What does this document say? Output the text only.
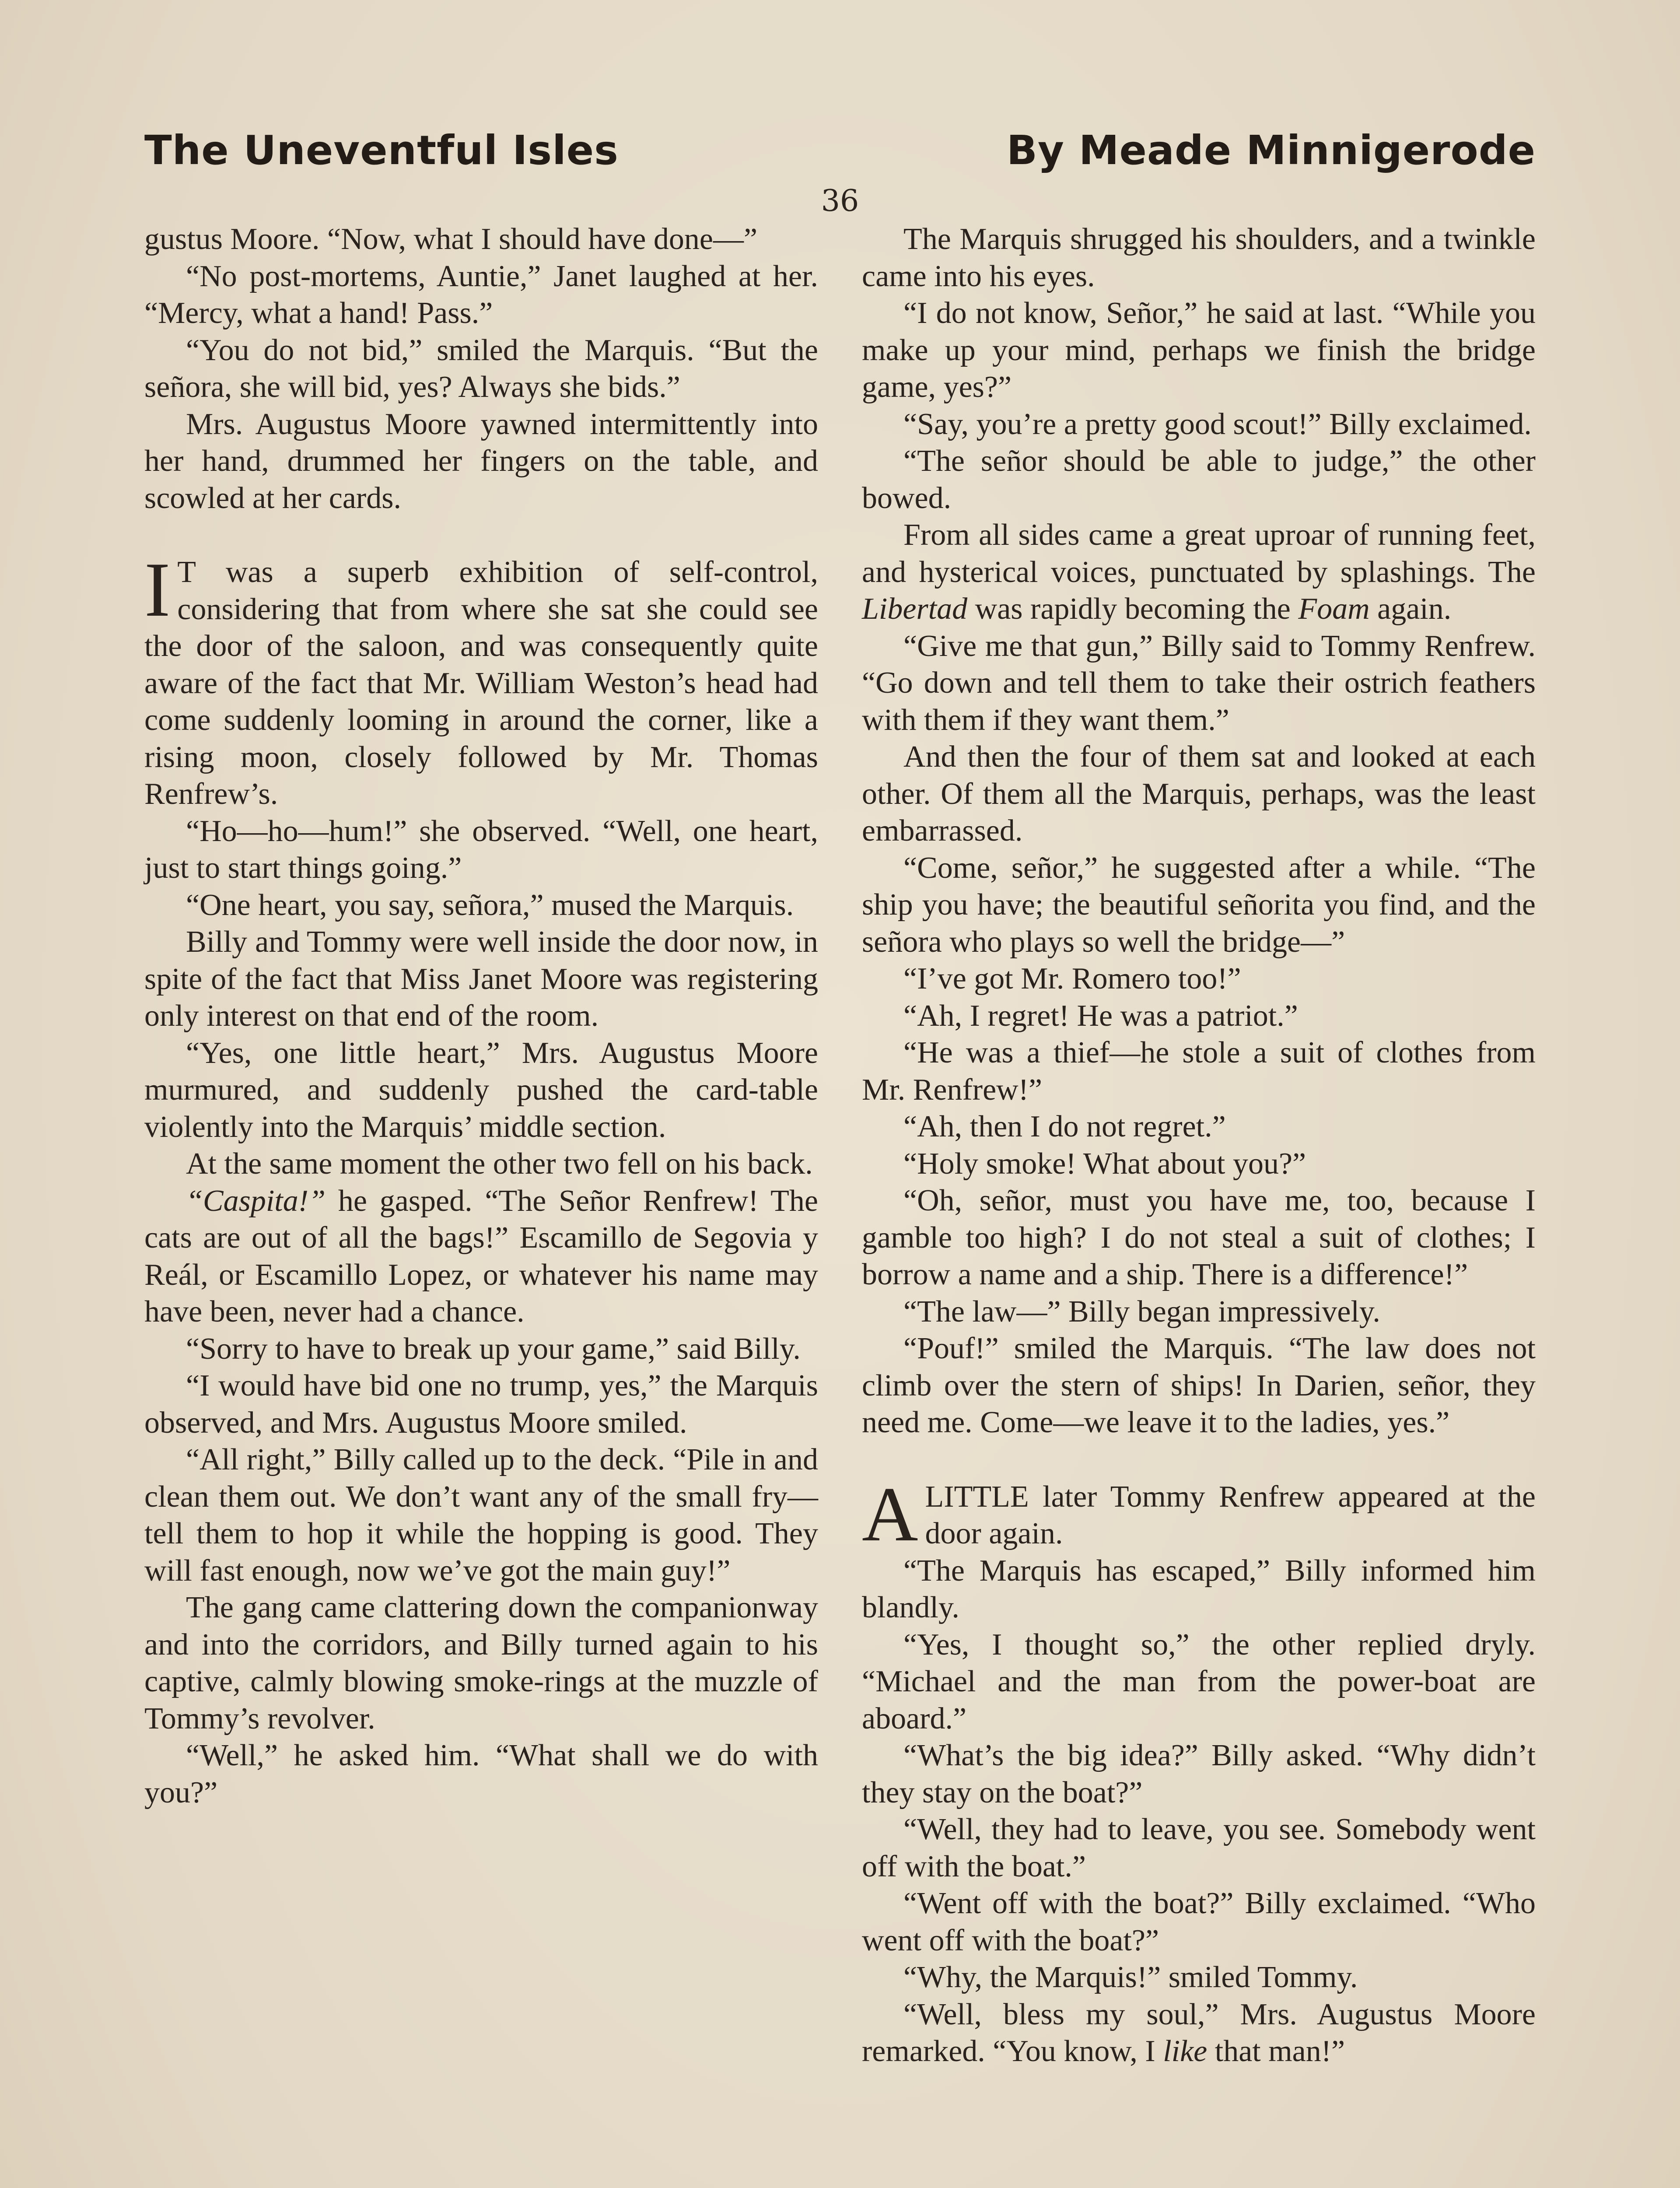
The Uneventful Isles	By Meade Minnigerode
36

gustus Moore. “Now, what I should have done—”

“No post-mortems, Auntie,” Janet laughed at her. “Mercy, what a hand! Pass.”

“You do not bid,” smiled the Marquis. “But the señora, she will bid, yes? Always she bids.”

Mrs. Augustus Moore yawned intermittently into her hand, drummed her fingers on the table, and scowled at her cards.

I T was a superb exhibition of self-control, considering that from where she sat she could see the door of the saloon, and was consequently quite aware of the fact that Mr. William Weston’s head had come suddenly looming in around the corner, like a rising moon, closely followed by Mr. Thomas Renfrew’s.

“Ho—ho—hum!” she observed. “Well, one heart, just to start things going.”

“One heart, you say, señora,” mused the Marquis.

Billy and Tommy were well inside the door now, in spite of the fact that Miss Janet Moore was registering only interest on that end of the room.

“Yes, one little heart,” Mrs. Augustus Moore murmured, and suddenly pushed the card-table violently into the Marquis’ middle section.

At the same moment the other two fell on his back.

“Caspita!” he gasped. “The Señor Renfrew! The cats are out of all the bags!” Escamillo de Segovia y Reál, or Escamillo Lopez, or whatever his name may have been, never had a chance.

“Sorry to have to break up your game,” said Billy.

“I would have bid one no trump, yes,” the Marquis observed, and Mrs. Augustus Moore smiled.

“All right,” Billy called up to the deck. “Pile in and clean them out. We don’t want any of the small fry—tell them to hop it while the hopping is good. They will fast enough, now we’ve got the main guy!”

The gang came clattering down the companionway and into the corridors, and Billy turned again to his captive, calmly blowing smoke-rings at the muzzle of Tommy’s revolver.

“Well,” he asked him. “What shall we do with you?”

The Marquis shrugged his shoulders, and a twinkle came into his eyes.

“I do not know, Señor,” he said at last. “While you make up your mind, perhaps we finish the bridge game, yes?”

“Say, you’re a pretty good scout!” Billy exclaimed.

“The señor should be able to judge,” the other bowed.

From all sides came a great uproar of running feet, and hysterical voices, punctuated by splashings. The Libertad was rapidly becoming the Foam again.

“Give me that gun,” Billy said to Tommy Renfrew. “Go down and tell them to take their ostrich feathers with them if they want them.”

And then the four of them sat and looked at each other. Of them all the Marquis, perhaps, was the least embarrassed.

“Come, señor,” he suggested after a while. “The ship you have; the beautiful señorita you find, and the señora who plays so well the bridge—”

“I’ve got Mr. Romero too!”

“Ah, I regret! He was a patriot.”

“He was a thief—he stole a suit of clothes from Mr. Renfrew!”

“Ah, then I do not regret.”

“Holy smoke! What about you?”

“Oh, señor, must you have me, too, because I gamble too high? I do not steal a suit of clothes; I borrow a name and a ship. There is a difference!”

“The law—” Billy began impressively.

“Pouf!” smiled the Marquis. “The law does not climb over the stern of ships! In Darien, señor, they need me. Come—we leave it to the ladies, yes.”

A LITTLE later Tommy Renfrew appeared at the door again.

“The Marquis has escaped,” Billy informed him blandly.

“Yes, I thought so,” the other replied dryly. “Michael and the man from the power-boat are aboard.”

“What’s the big idea?” Billy asked. “Why didn’t they stay on the boat?”

“Well, they had to leave, you see. Somebody went off with the boat.”

“Went off with the boat?” Billy exclaimed. “Who went off with the boat?”

“Why, the Marquis!” smiled Tommy.

“Well, bless my soul,” Mrs. Augustus Moore remarked. “You know, I like that man!”
